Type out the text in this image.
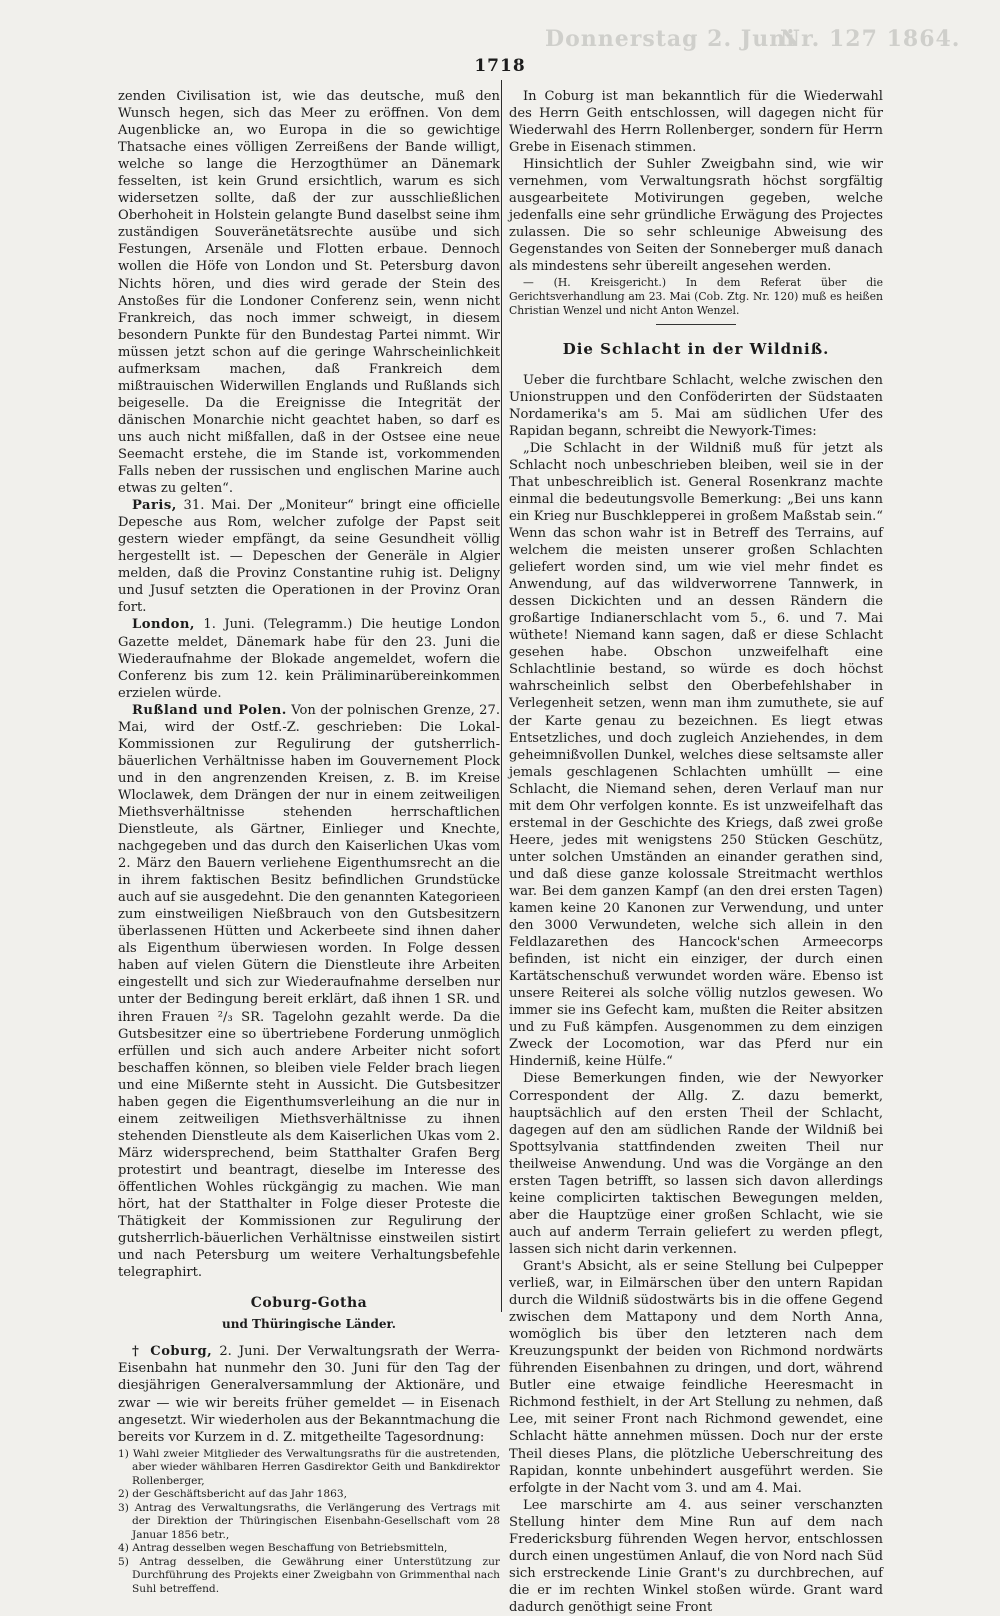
Donnerstag 2. Juni
Nr. 127 1864.
1718

zenden Civilisation ist, wie das deutsche, muß den Wunsch hegen, sich das Meer zu eröffnen. Von dem Augenblicke an, wo Europa in die so gewichtige Thatsache eines völligen Zerreißens der Bande willigt, welche so lange die Herzogthümer an Dänemark fesselten, ist kein Grund ersichtlich, warum es sich widersetzen sollte, daß der zur ausschließlichen Oberhoheit in Holstein gelangte Bund daselbst seine ihm zuständigen Souveränetätsrechte ausübe und sich Festungen, Arsenäle und Flotten erbaue. Dennoch wollen die Höfe von London und St. Petersburg davon Nichts hören, und dies wird gerade der Stein des Anstoßes für die Londoner Conferenz sein, wenn nicht Frankreich, das noch immer schweigt, in diesem besondern Punkte für den Bundestag Partei nimmt. Wir müssen jetzt schon auf die geringe Wahrscheinlichkeit aufmerksam machen, daß Frankreich dem mißtrauischen Widerwillen Englands und Rußlands sich beigeselle. Da die Ereignisse die Integrität der dänischen Monarchie nicht geachtet haben, so darf es uns auch nicht mißfallen, daß in der Ostsee eine neue Seemacht erstehe, die im Stande ist, vorkommenden Falls neben der russischen und englischen Marine auch etwas zu gelten“.

Paris, 31. Mai. Der „Moniteur“ bringt eine officielle Depesche aus Rom, welcher zufolge der Papst seit gestern wieder empfängt, da seine Gesundheit völlig hergestellt ist. — Depeschen der Generäle in Algier melden, daß die Provinz Constantine ruhig ist. Deligny und Jusuf setzten die Operationen in der Provinz Oran fort.

London, 1. Juni. (Telegramm.) Die heutige London Gazette meldet, Dänemark habe für den 23. Juni die Wiederaufnahme der Blokade angemeldet, wofern die Conferenz bis zum 12. kein Präliminarübereinkommen erzielen würde.

Rußland und Polen. Von der polnischen Grenze, 27. Mai, wird der Ostf.-Z. geschrieben: Die Lokal-Kommissionen zur Regulirung der gutsherrlich-bäuerlichen Verhältnisse haben im Gouvernement Plock und in den angrenzenden Kreisen, z. B. im Kreise Wloclawek, dem Drängen der nur in einem zeitweiligen Miethsverhältnisse stehenden herrschaftlichen Dienstleute, als Gärtner, Einlieger und Knechte, nachgegeben und das durch den Kaiserlichen Ukas vom 2. März den Bauern verliehene Eigenthumsrecht an die in ihrem faktischen Besitz befindlichen Grundstücke auch auf sie ausgedehnt. Die den genannten Kategorieen zum einstweiligen Nießbrauch von den Gutsbesitzern überlassenen Hütten und Ackerbeete sind ihnen daher als Eigenthum überwiesen worden. In Folge dessen haben auf vielen Gütern die Dienstleute ihre Arbeiten eingestellt und sich zur Wiederaufnahme derselben nur unter der Bedingung bereit erklärt, daß ihnen 1 SR. und ihren Frauen ²/₃ SR. Tagelohn gezahlt werde. Da die Gutsbesitzer eine so übertriebene Forderung unmöglich erfüllen und sich auch andere Arbeiter nicht sofort beschaffen können, so bleiben viele Felder brach liegen und eine Mißernte steht in Aussicht. Die Gutsbesitzer haben gegen die Eigenthumsverleihung an die nur in einem zeitweiligen Miethsverhältnisse zu ihnen stehenden Dienstleute als dem Kaiserlichen Ukas vom 2. März widersprechend, beim Statthalter Grafen Berg protestirt und beantragt, dieselbe im Interesse des öffentlichen Wohles rückgängig zu machen. Wie man hört, hat der Statthalter in Folge dieser Proteste die Thätigkeit der Kommissionen zur Regulirung der gutsherrlich-bäuerlichen Verhältnisse einstweilen sistirt und nach Petersburg um weitere Verhaltungsbefehle telegraphirt.

Coburg-Gotha
und Thüringische Länder.

† Coburg, 2. Juni. Der Verwaltungsrath der Werra-Eisenbahn hat nunmehr den 30. Juni für den Tag der diesjährigen Generalversammlung der Aktionäre, und zwar — wie wir bereits früher gemeldet — in Eisenach angesetzt. Wir wiederholen aus der Bekanntmachung die bereits vor Kurzem in d. Z. mitgetheilte Tagesordnung:

1) Wahl zweier Mitglieder des Verwaltungsraths für die austretenden, aber wieder wählbaren Herren Gasdirektor Geith und Bankdirektor Rollenberger,
2) der Geschäftsbericht auf das Jahr 1863,
3) Antrag des Verwaltungsraths, die Verlängerung des Vertrags mit der Direktion der Thüringischen Eisenbahn-Gesellschaft vom 28 Januar 1856 betr.,
4) Antrag desselben wegen Beschaffung von Betriebsmitteln,
5) Antrag desselben, die Gewährung einer Unterstützung zur Durchführung des Projekts einer Zweigbahn von Grimmenthal nach Suhl betreffend.

In Coburg ist man bekanntlich für die Wiederwahl des Herrn Geith entschlossen, will dagegen nicht für Wiederwahl des Herrn Rollenberger, sondern für Herrn Grebe in Eisenach stimmen.

Hinsichtlich der Suhler Zweigbahn sind, wie wir vernehmen, vom Verwaltungsrath höchst sorgfältig ausgearbeitete Motivirungen gegeben, welche jedenfalls eine sehr gründliche Erwägung des Projectes zulassen. Die so sehr schleunige Abweisung des Gegenstandes von Seiten der Sonneberger muß danach als mindestens sehr übereilt angesehen werden.

— (H. Kreisgericht.) In dem Referat über die Gerichtsverhandlung am 23. Mai (Cob. Ztg. Nr. 120) muß es heißen Christian Wenzel und nicht Anton Wenzel.

Die Schlacht in der Wildniß.

Ueber die furchtbare Schlacht, welche zwischen den Unionstruppen und den Conföderirten der Südstaaten Nordamerika's am 5. Mai am südlichen Ufer des Rapidan begann, schreibt die Newyork-Times:

„Die Schlacht in der Wildniß muß für jetzt als Schlacht noch unbeschrieben bleiben, weil sie in der That unbeschreiblich ist. General Rosenkranz machte einmal die bedeutungsvolle Bemerkung: „Bei uns kann ein Krieg nur Buschklepperei in großem Maßstab sein.“ Wenn das schon wahr ist in Betreff des Terrains, auf welchem die meisten unserer großen Schlachten geliefert worden sind, um wie viel mehr findet es Anwendung, auf das wildverworrene Tannwerk, in dessen Dickichten und an dessen Rändern die großartige Indianerschlacht vom 5., 6. und 7. Mai wüthete! Niemand kann sagen, daß er diese Schlacht gesehen habe. Obschon unzweifelhaft eine Schlachtlinie bestand, so würde es doch höchst wahrscheinlich selbst den Oberbefehlshaber in Verlegenheit setzen, wenn man ihm zumuthete, sie auf der Karte genau zu bezeichnen. Es liegt etwas Entsetzliches, und doch zugleich Anziehendes, in dem geheimnißvollen Dunkel, welches diese seltsamste aller jemals geschlagenen Schlachten umhüllt — eine Schlacht, die Niemand sehen, deren Verlauf man nur mit dem Ohr verfolgen konnte. Es ist unzweifelhaft das erstemal in der Geschichte des Kriegs, daß zwei große Heere, jedes mit wenigstens 250 Stücken Geschütz, unter solchen Umständen an einander gerathen sind, und daß diese ganze kolossale Streitmacht werthlos war. Bei dem ganzen Kampf (an den drei ersten Tagen) kamen keine 20 Kanonen zur Verwendung, und unter den 3000 Verwundeten, welche sich allein in den Feldlazarethen des Hancock'schen Armeecorps befinden, ist nicht ein einziger, der durch einen Kartätschenschuß verwundet worden wäre. Ebenso ist unsere Reiterei als solche völlig nutzlos gewesen. Wo immer sie ins Gefecht kam, mußten die Reiter absitzen und zu Fuß kämpfen. Ausgenommen zu dem einzigen Zweck der Locomotion, war das Pferd nur ein Hinderniß, keine Hülfe.“

Diese Bemerkungen finden, wie der Newyorker Correspondent der Allg. Z. dazu bemerkt, hauptsächlich auf den ersten Theil der Schlacht, dagegen auf den am südlichen Rande der Wildniß bei Spottsylvania stattfindenden zweiten Theil nur theilweise Anwendung. Und was die Vorgänge an den ersten Tagen betrifft, so lassen sich davon allerdings keine complicirten taktischen Bewegungen melden, aber die Hauptzüge einer großen Schlacht, wie sie auch auf anderm Terrain geliefert zu werden pflegt, lassen sich nicht darin verkennen.

Grant's Absicht, als er seine Stellung bei Culpepper verließ, war, in Eilmärschen über den untern Rapidan durch die Wildniß südostwärts bis in die offene Gegend zwischen dem Mattapony und dem North Anna, womöglich bis über den letzteren nach dem Kreuzungspunkt der beiden von Richmond nordwärts führenden Eisenbahnen zu dringen, und dort, während Butler eine etwaige feindliche Heeresmacht in Richmond festhielt, in der Art Stellung zu nehmen, daß Lee, mit seiner Front nach Richmond gewendet, eine Schlacht hätte annehmen müssen. Doch nur der erste Theil dieses Plans, die plötzliche Ueberschreitung des Rapidan, konnte unbehindert ausgeführt werden. Sie erfolgte in der Nacht vom 3. und am 4. Mai.

Lee marschirte am 4. aus seiner verschanzten Stellung hinter dem Mine Run auf dem nach Fredericksburg führenden Wegen hervor, entschlossen durch einen ungestümen Anlauf, die von Nord nach Süd sich erstreckende Linie Grant's zu durchbrechen, auf die er im rechten Winkel stoßen würde. Grant ward dadurch genöthigt seine Front
